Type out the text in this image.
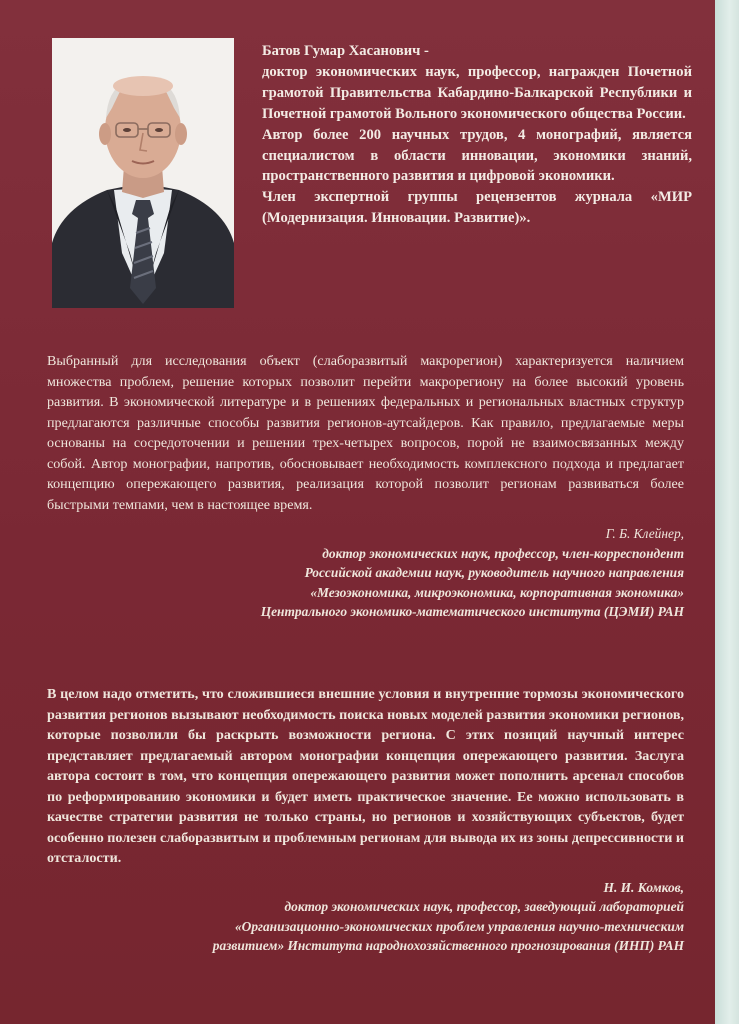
Батов Гумар Хасанович -

доктор экономических наук, профессор, награжден Почетной грамотой Правительства Кабардино-Балкарской Республики и Почетной грамотой Вольного экономического общества России.

Автор более 200 научных трудов, 4 монографий, является специалистом в области инновации, экономики знаний, пространственного развития и цифровой экономики.

Член экспертной группы рецензентов журнала «МИР (Модернизация. Инновации. Развитие)».

Выбранный для исследования объект (слаборазвитый макрорегион) характеризуется наличием множества проблем, решение которых позволит перейти макрорегиону на более высокий уровень развития. В экономической литературе и в решениях федеральных и региональных властных структур предлагаются различные способы развития регионов-аутсайдеров. Как правило, предлагаемые меры основаны на сосредоточении и решении трех-четырех вопросов, порой не взаимосвязанных между собой. Автор монографии, напротив, обосновывает необходимость комплексного подхода и предлагает концепцию опережающего развития, реализация которой позволит регионам развиваться более быстрыми темпами, чем в настоящее время.

Г. Б. Клейнер,
доктор экономических наук, профессор, член-корреспондент
Российской академии наук, руководитель научного направления
«Мезоэкономика, микроэкономика, корпоративная экономика»
Центрального экономико-математического института (ЦЭМИ) РАН

В целом надо отметить, что сложившиеся внешние условия и внутренние тормозы экономического развития регионов вызывают необходимость поиска новых моделей развития экономики регионов, которые позволили бы раскрыть возможности региона. С этих позиций научный интерес представляет предлагаемый автором монографии концепция опережающего развития. Заслуга автора состоит в том, что концепция опережающего развития может пополнить арсенал способов по реформированию экономики и будет иметь практическое значение. Ее можно использовать в качестве стратегии развития не только страны, но регионов и хозяйствующих субъектов, будет особенно полезен слаборазвитым и проблемным регионам для вывода их из зоны депрессивности и отсталости.

Н. И. Комков,
доктор экономических наук, профессор, заведующий лабораторией
«Организационно-экономических проблем управления научно-техническим
развитием» Института народнохозяйственного прогнозирования (ИНП) РАН
